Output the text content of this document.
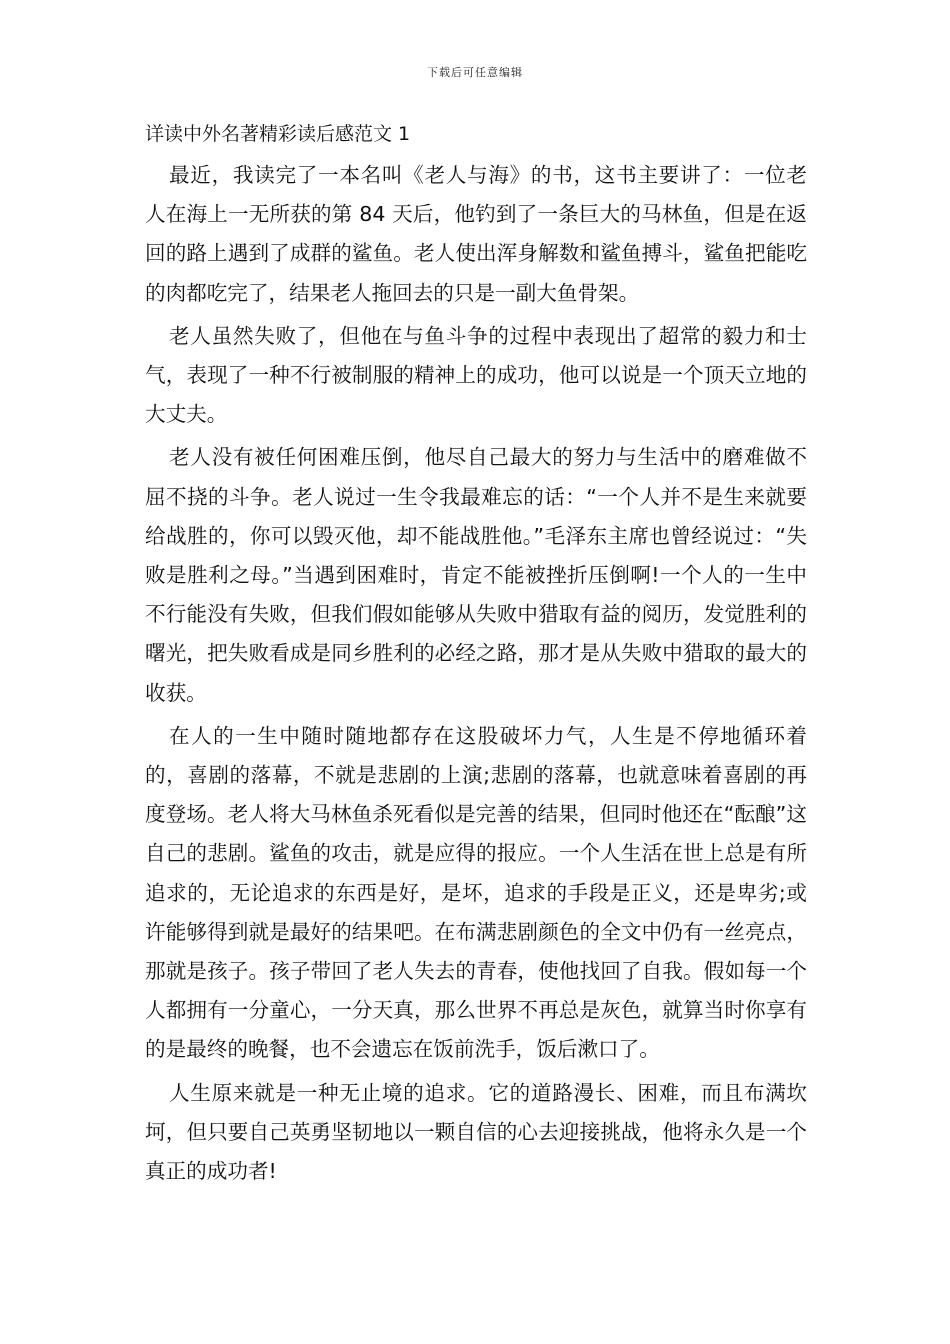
下载后可任意编辑
详读中外名著精彩读后感范文 1

最近，我读完了一本名叫《老人与海》的书，这书主要讲了：一位老人在海上一无所获的第 84 天后，他钓到了一条巨大的马林鱼，但是在返回的路上遇到了成群的鲨鱼。老人使出浑身解数和鲨鱼搏斗，鲨鱼把能吃的肉都吃完了，结果老人拖回去的只是一副大鱼骨架。

老人虽然失败了，但他在与鱼斗争的过程中表现出了超常的毅力和士气，表现了一种不行被制服的精神上的成功，他可以说是一个顶天立地的大丈夫。

老人没有被任何困难压倒，他尽自己最大的努力与生活中的磨难做不屈不挠的斗争。老人说过一生令我最难忘的话：“一个人并不是生来就要给战胜的，你可以毁灭他，却不能战胜他。”毛泽东主席也曾经说过：“失败是胜利之母。”当遇到困难时，肯定不能被挫折压倒啊!一个人的一生中不行能没有失败，但我们假如能够从失败中猎取有益的阅历，发觉胜利的曙光，把失败看成是同乡胜利的必经之路，那才是从失败中猎取的最大的收获。

在人的一生中随时随地都存在这股破坏力气，人生是不停地循环着的，喜剧的落幕，不就是悲剧的上演;悲剧的落幕，也就意味着喜剧的再度登场。老人将大马林鱼杀死看似是完善的结果，但同时他还在“酝酿”这自己的悲剧。鲨鱼的攻击，就是应得的报应。一个人生活在世上总是有所追求的，无论追求的东西是好，是坏，追求的手段是正义，还是卑劣;或许能够得到就是最好的结果吧。在布满悲剧颜色的全文中仍有一丝亮点，那就是孩子。孩子带回了老人失去的青春，使他找回了自我。假如每一个人都拥有一分童心，一分天真，那么世界不再总是灰色，就算当时你享有的是最终的晚餐，也不会遗忘在饭前洗手，饭后漱口了。

人生原来就是一种无止境的追求。它的道路漫长、困难，而且布满坎坷，但只要自己英勇坚韧地以一颗自信的心去迎接挑战，他将永久是一个真正的成功者!
